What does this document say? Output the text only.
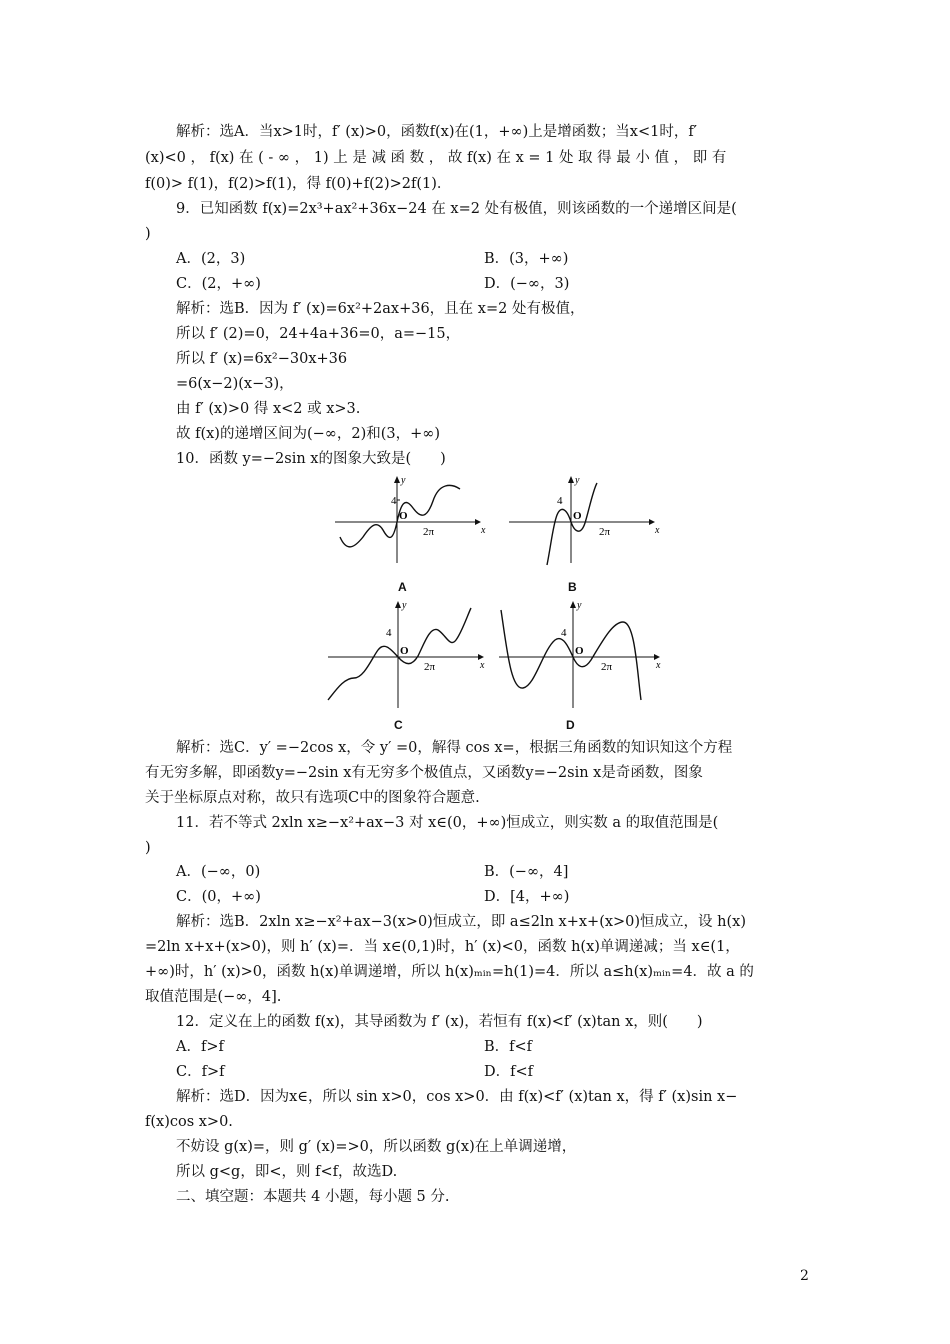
解析：选A．当x>1时，f′ (x)>0，函数f(x)在(1，+∞)上是增函数；当x<1时，f′
(x)<0 ， f(x) 在 ( - ∞ ， 1) 上 是 减 函 数 ， 故 f(x) 在 x = 1 处 取 得 最 小 值 ， 即 有
f(0)> f(1)，f(2)>f(1)，得 f(0)+f(2)>2f(1)．
9．已知函数 f(x)=2x³+ax²+36x−24 在 x=2 处有极值，则该函数的一个递增区间是(
)
A．(2，3)	B．(3，+∞)
C．(2，+∞)	D．(−∞，3)
解析：选B．因为 f′ (x)=6x²+2ax+36，且在 x=2 处有极值，
所以 f′ (2)=0，24+4a+36=0，a=−15，
所以 f′ (x)=6x²−30x+36
=6(x−2)(x−3)，
由 f′ (x)>0 得 x<2 或 x>3.
故 f(x)的递增区间为(−∞，2)和(3，+∞)
10．函数 y=−2sin x的图象大致是(　　)
4
O
2π	x
y
A
4
O
2π	x
y
B
4
O
2π	x
y
C
4
O
2π	x
y
D
解析：选C．y′ =−2cos x，令 y′ =0，解得 cos x=，根据三角函数的知识知这个方程
有无穷多解，即函数y=−2sin x有无穷多个极值点，又函数y=−2sin x是奇函数，图象
关于坐标原点对称，故只有选项C中的图象符合题意.
11．若不等式 2xln x≥−x²+ax−3 对 x∈(0，+∞)恒成立，则实数 a 的取值范围是(
)
A．(−∞，0)	B．(−∞，4]
C．(0，+∞)	D．[4，+∞)
解析：选B．2xln x≥−x²+ax−3(x>0)恒成立，即 a≤2ln x+x+(x>0)恒成立，设 h(x)
=2ln x+x+(x>0)，则 h′ (x)=．当 x∈(0,1)时，h′ (x)<0，函数 h(x)单调递减；当 x∈(1，
+∞)时，h′ (x)>0，函数 h(x)单调递增，所以 h(x)ₘᵢₙ=h(1)=4．所以 a≤h(x)ₘᵢₙ=4．故 a 的
取值范围是(−∞，4].
12．定义在上的函数 f(x)，其导函数为 f′ (x)，若恒有 f(x)<f′ (x)tan x，则(　　)
A．f>f	B．f<f
C．f>f	D．f<f
解析：选D．因为x∈，所以 sin x>0，cos x>0．由 f(x)<f′ (x)tan x，得 f′ (x)sin x−
f(x)cos x>0.
不妨设 g(x)=，则 g′ (x)=>0，所以函数 g(x)在上单调递增，
所以 g<g，即<，则 f<f，故选D.
二、填空题：本题共 4 小题，每小题 5 分.
2
